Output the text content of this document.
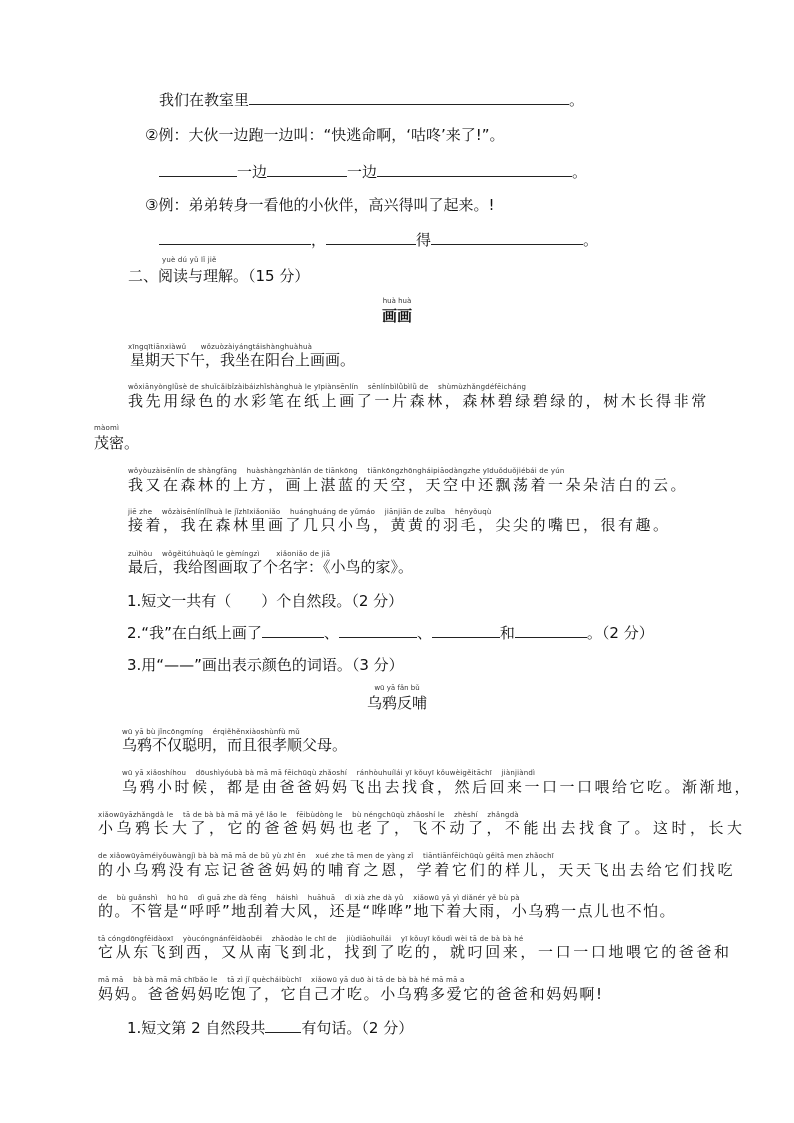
我们在教室里	。
②例：大伙一边跑一边叫：“快逃命啊，‘咕咚’来了!”。
一边	一边	。
③例：弟弟转身一看他的小伙伴，高兴得叫了起来。!
，	得	。
yuè dú yǔ lǐ jiě
二、阅读与理解。（15 分）
huà huà
画画
xīngqītiānxiàwǔ　　wǒzuòzàiyángtáishànghuàhuà
星期天下午，我坐在阳台上画画。
wǒxiānyònglǜsè de shuǐcǎibǐzàibáizhǐshànghuà le yīpiànsēnlín　 sēnlínbìlǜbìlǜ de　 shùmùzhǎngdéfēicháng
我先用绿色的水彩笔在纸上画了一片森林，森林碧绿碧绿的，树木长得非常
màomì
茂密。
wǒyòuzàisēnlín de shàngfāng　 huàshàngzhànlán de tiānkōng　 tiānkōngzhōngháipiāodàngzhe yīduǒduǒjiébái de yún
我又在森林的上方，画上湛蓝的天空，天空中还飘荡着一朵朵洁白的云。
jiē zhe　 wǒzàisēnlínlǐhuà le jǐzhīxiǎoniǎo　 huánghuáng de yǔmáo　 jiānjiān de zuǐba　 hěnyǒuqù
接着，我在森林里画了几只小鸟，黄黄的羽毛，尖尖的嘴巴，很有趣。
zuìhòu　 wǒgěitúhuàqǔ le gèmíngzì　　 xiǎoniǎo de jiā
最后，我给图画取了个名字：《小鸟的家》。
1.短文一共有（　　）个自然段。（2 分）
2.“我”在白纸上画了	、	、	和	。（2 分）
3.用“——”画出表示颜色的词语。（3 分）
wū yā fǎn bǔ
乌鸦反哺
wū yā bù jǐncōngmíng　 érqiěhěnxiàoshùnfù mǔ
乌鸦不仅聪明，而且很孝顺父母。
wū yā xiǎoshíhou　 dōushìyóubà bà mā mā fēichūqù zhǎoshí　 ránhòuhuílái yī kǒuyī kǒuwèigěitāchī　 jiànjiàndì
乌鸦小时候，都是由爸爸妈妈飞出去找食，然后回来一口一口喂给它吃。渐渐地，
xiǎowūyāzhǎngdà le　 tā de bà bà mā mā yě lǎo le　 fēibùdòng le　 bù néngchūqù zhǎoshí le　 zhèshí　 zhǎngdà
小乌鸦长大了，它的爸爸妈妈也老了，飞不动了，不能出去找食了。这时，长大
de xiǎowūyāméiyǒuwàngjì bà bà mā mā de bǔ yù zhī ēn　 xué zhe tā men de yàng zǐ　 tiāntiānfēichūqù gěitā men zhǎochī
的小乌鸦没有忘记爸爸妈妈的哺育之恩，学着它们的样儿，天天飞出去给它们找吃
de　 bù guǎnshì　 hū hū　 dì guā zhe dà fēng　 háishì　 huāhuā　 dì xià zhe dà yǔ　 xiǎowū yā yì diǎnér yě bù pà
的。不管是“呼呼”地刮着大风，还是“哗哗”地下着大雨，小乌鸦一点儿也不怕。
tā cóngdōngfēidàoxī　 yòucóngnánfēidàoběi　 zhǎodào le chī de　 jiùdiāohuílái　 yī kǒuyī kǒudì wèi tā de bà bà hé
它从东飞到西，又从南飞到北，找到了吃的，就叼回来，一口一口地喂它的爸爸和
mā mā　 bà bà mā mā chībǎo le　 tā zì jǐ quècháibùchī　 xiǎowū yā duō ài tā de bà bà hé mā mā a
妈妈。爸爸妈妈吃饱了，它自己才吃。小乌鸦多爱它的爸爸和妈妈啊!
1.短文第 2 自然段共 有句话。（2 分）
